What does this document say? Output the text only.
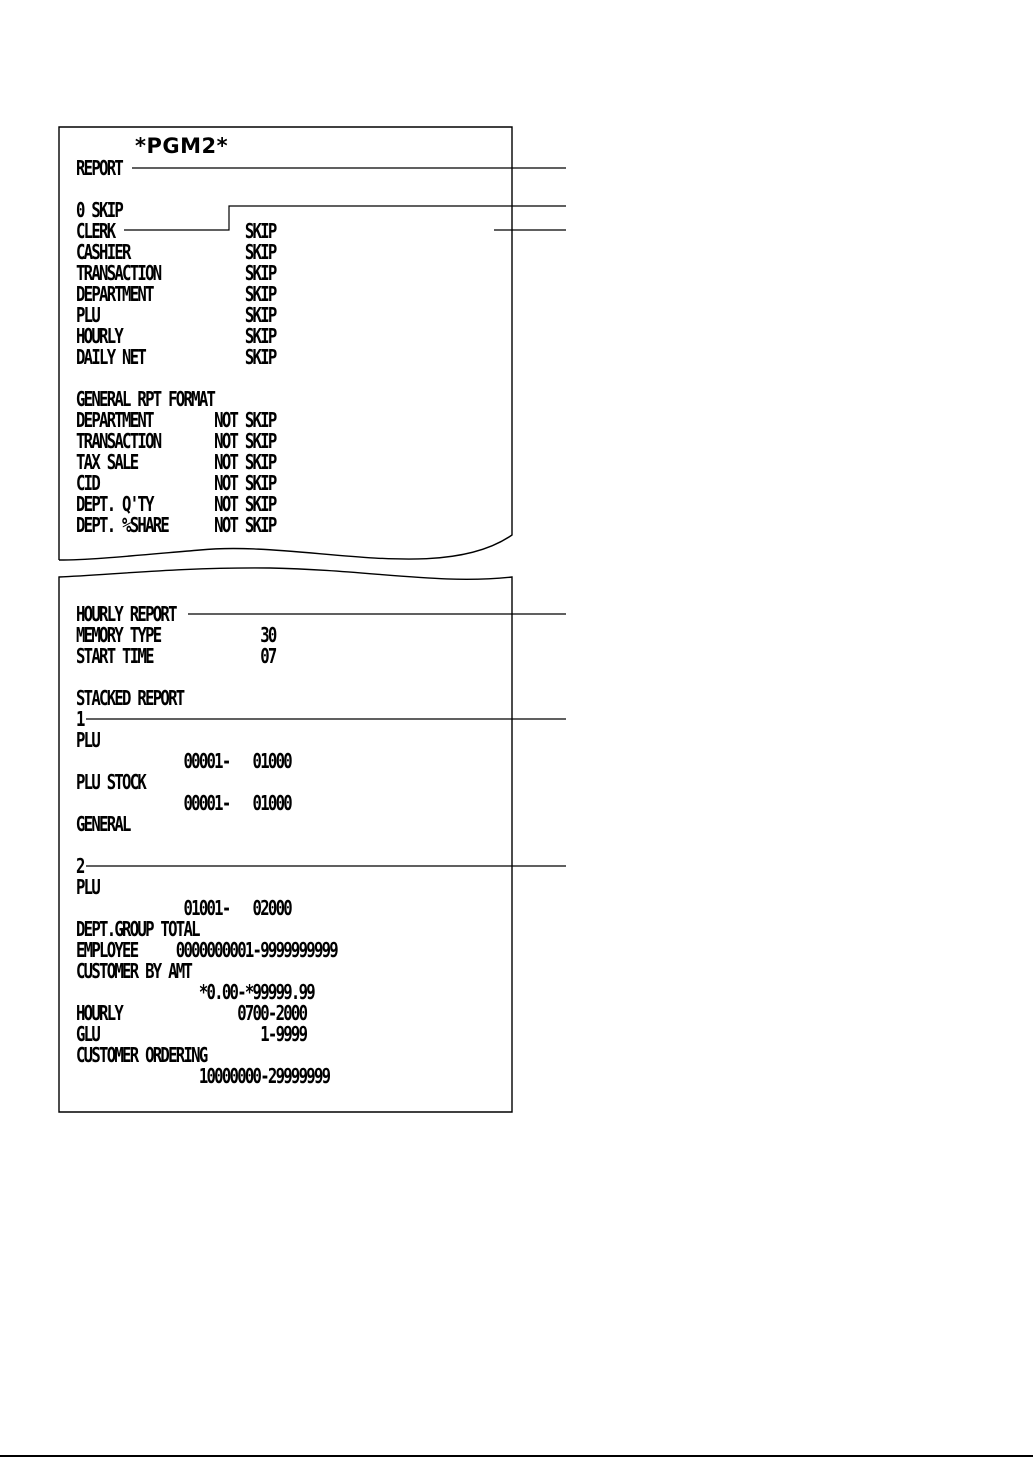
*PGM2*
REPORT

0 SKIP
CLERK                 SKIP
CASHIER               SKIP
TRANSACTION           SKIP
DEPARTMENT            SKIP
PLU                   SKIP
HOURLY                SKIP
DAILY NET             SKIP

GENERAL RPT FORMAT
DEPARTMENT        NOT SKIP
TRANSACTION       NOT SKIP
TAX SALE          NOT SKIP
CID               NOT SKIP
DEPT. Q'TY        NOT SKIP
DEPT. %SHARE      NOT SKIP
HOURLY REPORT
MEMORY TYPE             30
START TIME              07

STACKED REPORT
1
PLU
00001-   01000
PLU STOCK
00001-   01000
GENERAL

2
PLU
01001-   02000
DEPT.GROUP TOTAL
EMPLOYEE     0000000001-9999999999
CUSTOMER BY AMT
*0.00-*99999.99
HOURLY               0700-2000
GLU                     1-9999
CUSTOMER ORDERING
10000000-29999999
